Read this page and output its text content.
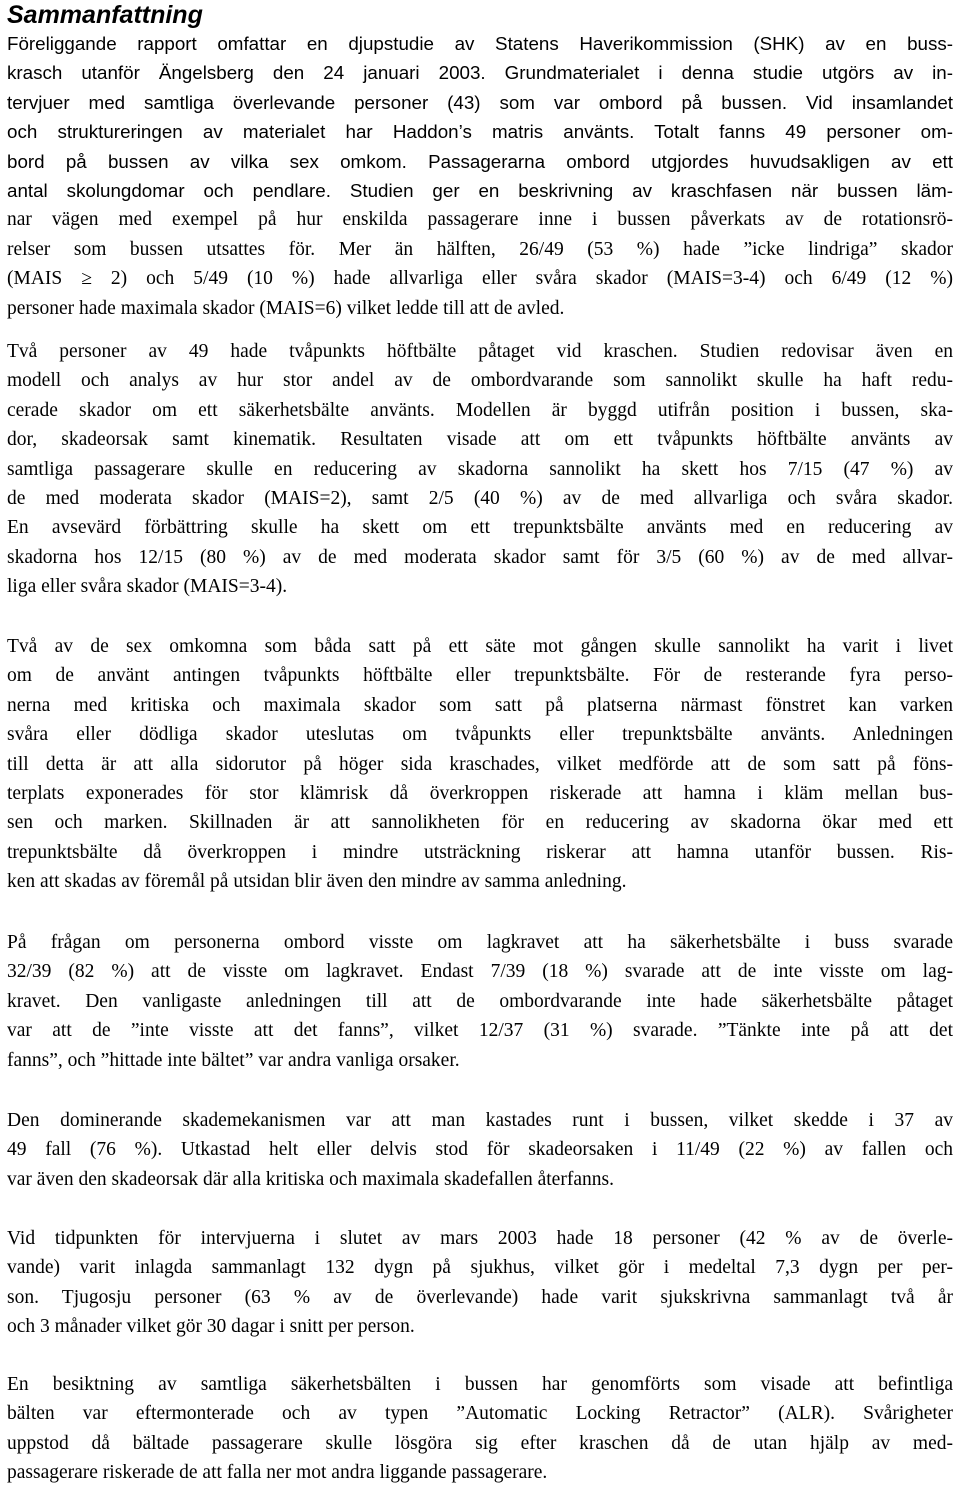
Sammanfattning

Föreliggande rapport omfattar en djupstudie av Statens Haverikommission (SHK) av en buss-
krasch utanför Ängelsberg den 24 januari 2003. Grundmaterialet i denna studie utgörs av in-
tervjuer med samtliga överlevande personer (43) som var ombord på bussen. Vid insamlandet
och struktureringen av materialet har Haddon’s matris använts. Totalt fanns 49 personer om-
bord på bussen av vilka sex omkom. Passagerarna ombord utgjordes huvudsakligen av ett
antal skolungdomar och pendlare. Studien ger en beskrivning av kraschfasen när bussen läm-
nar vägen med exempel på hur enskilda passagerare inne i bussen påverkats av de rotationsrö-
relser som bussen utsattes för. Mer än hälften, 26/49 (53 %) hade ”icke lindriga” skador
(MAIS ≥ 2) och 5/49 (10 %) hade allvarliga eller svåra skador (MAIS=3-4) och 6/49 (12 %)
personer hade maximala skador (MAIS=6) vilket ledde till att de avled.

Två personer av 49 hade tvåpunkts höftbälte påtaget vid kraschen. Studien redovisar även en
modell och analys av hur stor andel av de ombordvarande som sannolikt skulle ha haft redu-
cerade skador om ett säkerhetsbälte använts. Modellen är byggd utifrån position i bussen, ska-
dor, skadeorsak samt kinematik. Resultaten visade att om ett tvåpunkts höftbälte använts av
samtliga passagerare skulle en reducering av skadorna sannolikt ha skett hos 7/15 (47 %) av
de med moderata skador (MAIS=2), samt 2/5 (40 %) av de med allvarliga och svåra skador.
En avsevärd förbättring skulle ha skett om ett trepunktsbälte använts med en reducering av
skadorna hos 12/15 (80 %) av de med moderata skador samt för 3/5 (60 %) av de med allvar-
liga eller svåra skador (MAIS=3-4).

Två av de sex omkomna som båda satt på ett säte mot gången skulle sannolikt ha varit i livet
om de använt antingen tvåpunkts höftbälte eller trepunktsbälte. För de resterande fyra perso-
nerna med kritiska och maximala skador som satt på platserna närmast fönstret kan varken
svåra eller dödliga skador uteslutas om tvåpunkts eller trepunktsbälte använts. Anledningen
till detta är att alla sidorutor på höger sida kraschades, vilket medförde att de som satt på föns-
terplats exponerades för stor klämrisk då överkroppen riskerade att hamna i kläm mellan bus-
sen och marken. Skillnaden är att sannolikheten för en reducering av skadorna ökar med ett
trepunktsbälte då överkroppen i mindre utsträckning riskerar att hamna utanför bussen. Ris-
ken att skadas av föremål på utsidan blir även den mindre av samma anledning.

På frågan om personerna ombord visste om lagkravet att ha säkerhetsbälte i buss svarade
32/39 (82 %) att de visste om lagkravet. Endast 7/39 (18 %) svarade att de inte visste om lag-
kravet. Den vanligaste anledningen till att de ombordvarande inte hade säkerhetsbälte påtaget
var att de ”inte visste att det fanns”, vilket 12/37 (31 %) svarade. ”Tänkte inte på att det
fanns”, och ”hittade inte bältet” var andra vanliga orsaker.

Den dominerande skademekanismen var att man kastades runt i bussen, vilket skedde i 37 av
49 fall (76 %). Utkastad helt eller delvis stod för skadeorsaken i 11/49 (22 %) av fallen och
var även den skadeorsak där alla kritiska och maximala skadefallen återfanns.

Vid tidpunkten för intervjuerna i slutet av mars 2003 hade 18 personer (42 % av de överle-
vande) varit inlagda sammanlagt 132 dygn på sjukhus, vilket gör i medeltal 7,3 dygn per per-
son. Tjugosju personer (63 % av de överlevande) hade varit sjukskrivna sammanlagt två år
och 3 månader vilket gör 30 dagar i snitt per person.

En besiktning av samtliga säkerhetsbälten i bussen har genomförts som visade att befintliga
bälten var eftermonterade och av typen ”Automatic Locking Retractor” (ALR). Svårigheter
uppstod då bältade passagerare skulle lösgöra sig efter kraschen då de utan hjälp av med-
passagerare riskerade de att falla ner mot andra liggande passagerare.
